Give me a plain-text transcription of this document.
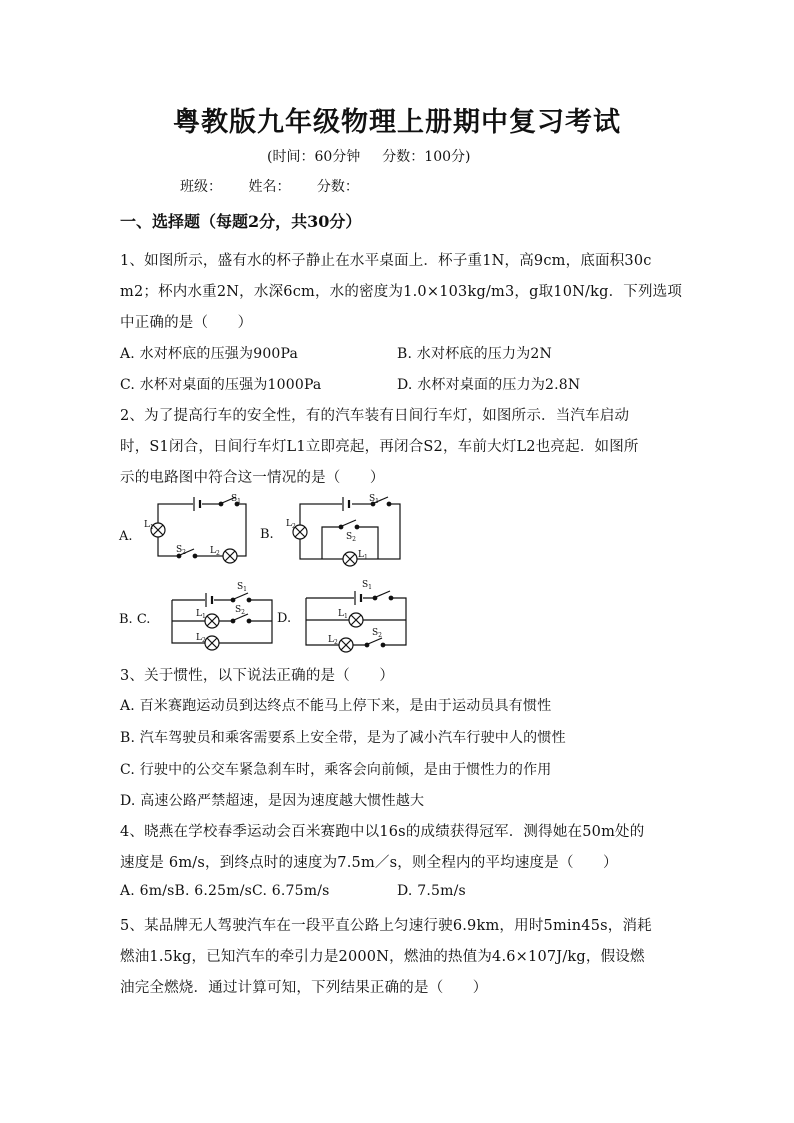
粤教版九年级物理上册期中复习考试
(时间：60分钟 分数：100分)
班级： 姓名： 分数：
一、选择题（每题2分，共30分）
1、如图所示，盛有水的杯子静止在水平桌面上．杯子重1N，高9cm，底面积30c
m2；杯内水重2N，水深6cm，水的密度为1.0×103kg/m3，g取10N/kg．下列选项
中正确的是（　　）
A. 水对杯底的压强为900Pa	B. 水对杯底的压力为2N
C. 水杯对桌面的压强为1000Pa	D. 水杯对桌面的压力为2.8N
2、为了提高行车的安全性，有的汽车装有日间行车灯，如图所示．当汽车启动
时，S1闭合，日间行车灯L1立即亮起，再闭合S2，车前大灯L2也亮起．如图所
示的电路图中符合这一情况的是（　　）
A.	B.
B. C.	D.
$S_1$
$L_1$
$S_2$	$L_2$
$S_1$
$L_2$
$S_2$
$L_1$
$S_1$
$L_1$
$S_2$
$L_2$
$S_1$
$L_1$
$L_2$
$S_2$
3、关于惯性，以下说法正确的是（　　）
A. 百米赛跑运动员到达终点不能马上停下来，是由于运动员具有惯性
B. 汽车驾驶员和乘客需要系上安全带，是为了减小汽车行驶中人的惯性
C. 行驶中的公交车紧急刹车时，乘客会向前倾，是由于惯性力的作用
D. 高速公路严禁超速，是因为速度越大惯性越大
4、晓燕在学校春季运动会百米赛跑中以16s的成绩获得冠军．测得她在50m处的
速度是 6m/s，到终点时的速度为7.5m／s，则全程内的平均速度是（　　）
A. 6m/sB. 6.25m/sC. 6.75m/s	D. 7.5m/s
5、某品牌无人驾驶汽车在一段平直公路上匀速行驶6.9km，用时5min45s，消耗
燃油1.5kg，已知汽车的牵引力是2000N，燃油的热值为4.6×107J/kg，假设燃
油完全燃烧．通过计算可知，下列结果正确的是（　　）
